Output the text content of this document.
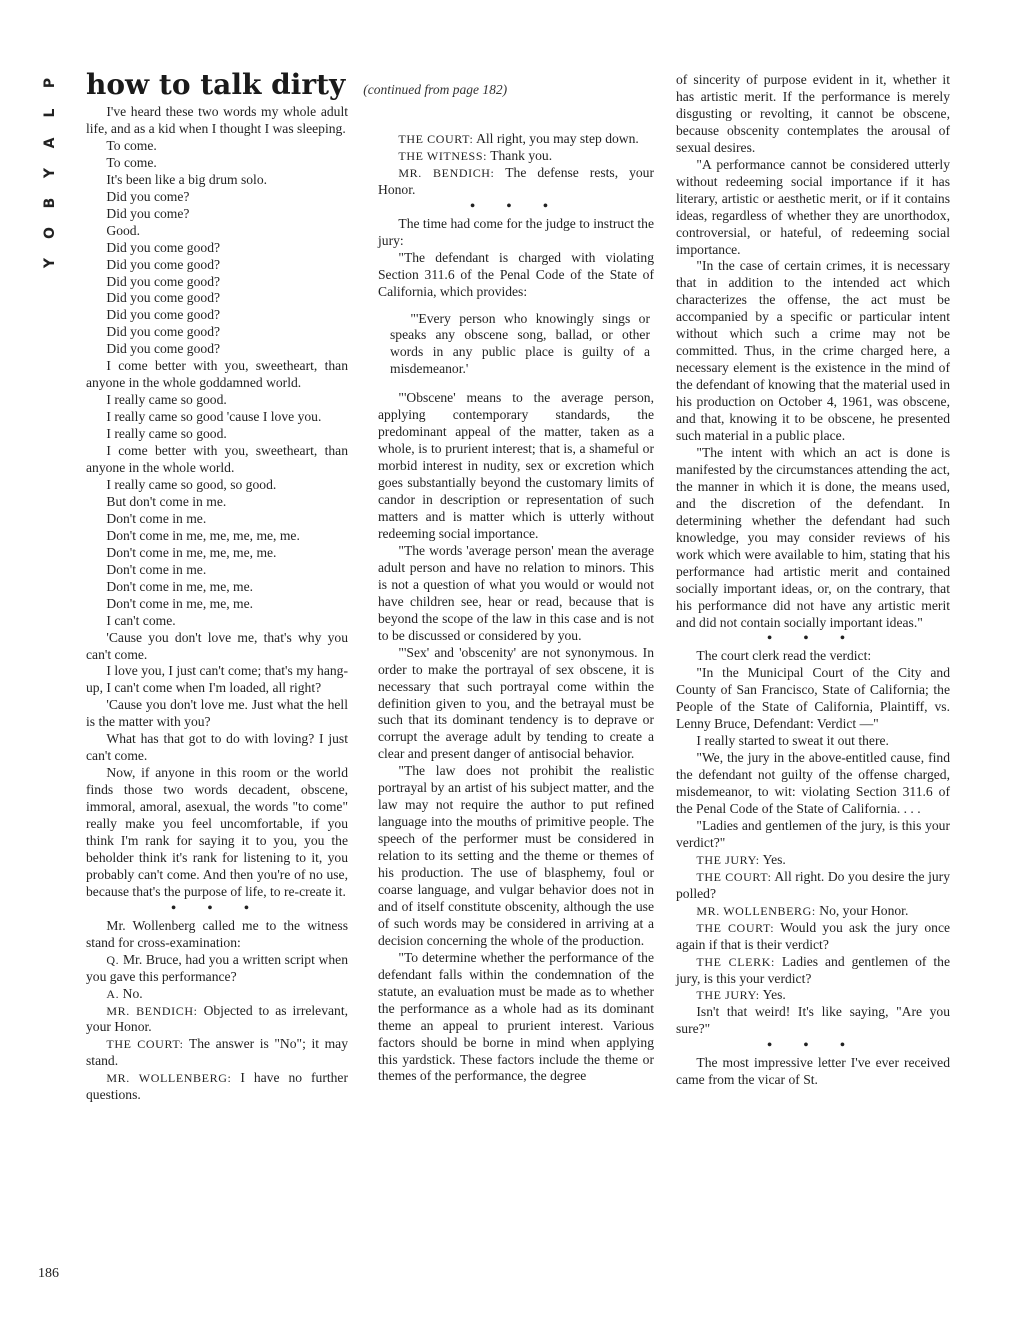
P
L
A
Y
B
O
Y
how to talk dirty (continued from page 182)

I've heard these two words my whole adult life, and as a kid when I thought I was sleeping.

To come.

To come.

It's been like a big drum solo.

Did you come?

Did you come?

Good.

Did you come good?

Did you come good?

Did you come good?

Did you come good?

Did you come good?

Did you come good?

Did you come good?

I come better with you, sweetheart, than anyone in the whole goddamned world.

I really came so good.

I really came so good 'cause I love you.

I really came so good.

I come better with you, sweetheart, than anyone in the whole world.

I really came so good, so good.

But don't come in me.

Don't come in me.

Don't come in me, me, me, me, me.

Don't come in me, me, me, me.

Don't come in me.

Don't come in me, me, me.

Don't come in me, me, me.

I can't come.

'Cause you don't love me, that's why you can't come.

I love you, I just can't come; that's my hang-up, I can't come when I'm loaded, all right?

'Cause you don't love me. Just what the hell is the matter with you?

What has that got to do with loving? I just can't come.

Now, if anyone in this room or the world finds those two words decadent, obscene, immoral, amoral, asexual, the words "to come" really make you feel uncomfortable, if you think I'm rank for saying it to you, you the beholder think it's rank for listening to it, you probably can't come. And then you're of no use, because that's the purpose of life, to re-create it.

• • •

Mr. Wollenberg called me to the witness stand for cross-examination:

Q. Mr. Bruce, had you a written script when you gave this performance?

A. No.

MR. BENDICH: Objected to as irrelevant, your Honor.

THE COURT: The answer is "No"; it may stand.

MR. WOLLENBERG: I have no further questions.

THE COURT: All right, you may step down.

THE WITNESS: Thank you.

MR. BENDICH: The defense rests, your Honor.

• • •

The time had come for the judge to instruct the jury:

"The defendant is charged with violating Section 311.6 of the Penal Code of the State of California, which provides:

"'Every person who knowingly sings or speaks any obscene song, ballad, or other words in any public place is guilty of a misdemeanor.'

"'Obscene' means to the average person, applying contemporary standards, the predominant appeal of the matter, taken as a whole, is to prurient interest; that is, a shameful or morbid interest in nudity, sex or excretion which goes substantially beyond the customary limits of candor in description or representation of such matters and is matter which is utterly without redeeming social importance.

"The words 'average person' mean the average adult person and have no relation to minors. This is not a question of what you would or would not have children see, hear or read, because that is beyond the scope of the law in this case and is not to be discussed or considered by you.

"'Sex' and 'obscenity' are not synonymous. In order to make the portrayal of sex obscene, it is necessary that such portrayal come within the definition given to you, and the betrayal must be such that its dominant tendency is to deprave or corrupt the average adult by tending to create a clear and present danger of antisocial behavior.

"The law does not prohibit the realistic portrayal by an artist of his subject matter, and the law may not require the author to put refined language into the mouths of primitive people. The speech of the performer must be considered in relation to its setting and the theme or themes of his production. The use of blasphemy, foul or coarse language, and vulgar behavior does not in and of itself constitute obscenity, although the use of such words may be considered in arriving at a decision concerning the whole of the production.

"To determine whether the performance of the defendant falls within the condemnation of the statute, an evaluation must be made as to whether the performance as a whole had as its dominant theme an appeal to prurient interest. Various factors should be borne in mind when applying this yardstick. These factors include the theme or themes of the performance, the degree

of sincerity of purpose evident in it, whether it has artistic merit. If the performance is merely disgusting or revolting, it cannot be obscene, because obscenity contemplates the arousal of sexual desires.

"A performance cannot be considered utterly without redeeming social importance if it has literary, artistic or aesthetic merit, or if it contains ideas, regardless of whether they are unorthodox, controversial, or hateful, of redeeming social importance.

"In the case of certain crimes, it is necessary that in addition to the intended act which characterizes the offense, the act must be accompanied by a specific or particular intent without which such a crime may not be committed. Thus, in the crime charged here, a necessary element is the existence in the mind of the defendant of knowing that the material used in his production on October 4, 1961, was obscene, and that, knowing it to be obscene, he presented such material in a public place.

"The intent with which an act is done is manifested by the circumstances attending the act, the manner in which it is done, the means used, and the discretion of the defendant. In determining whether the defendant had such knowledge, you may consider reviews of his work which were available to him, stating that his performance had artistic merit and contained socially important ideas, or, on the contrary, that his performance did not have any artistic merit and did not contain socially important ideas."

• • •

The court clerk read the verdict:

"In the Municipal Court of the City and County of San Francisco, State of California; the People of the State of California, Plaintiff, vs. Lenny Bruce, Defendant: Verdict —"

I really started to sweat it out there.

"We, the jury in the above-entitled cause, find the defendant not guilty of the offense charged, misdemeanor, to wit: violating Section 311.6 of the Penal Code of the State of California. . . .

"Ladies and gentlemen of the jury, is this your verdict?"

THE JURY: Yes.

THE COURT: All right. Do you desire the jury polled?

MR. WOLLENBERG: No, your Honor.

THE COURT: Would you ask the jury once again if that is their verdict?

THE CLERK: Ladies and gentlemen of the jury, is this your verdict?

THE JURY: Yes.

Isn't that weird! It's like saying, "Are you sure?"

• • •

The most impressive letter I've ever received came from the vicar of St.

186
